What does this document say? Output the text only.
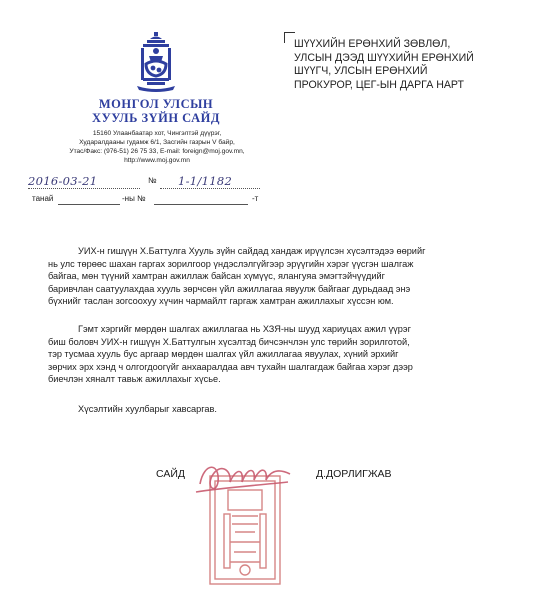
МОНГОЛ УЛСЫН
ХУУЛЬ ЗҮЙН САЙД
15160 Улаанбаатар хот, Чингэлтэй дүүрэг,
Хударалдааны гудамж 6/1, Засгийн газрын V байр,
Утас/Факс: (976-51) 26 75 33, E-mail: foreign@moj.gov.mn,
http://www.moj.gov.mn
2016-03-21	№ 1-1/1182
танай	-ны №	-т
ШҮҮХИЙН ЕРӨНХИЙ ЗӨВЛӨЛ,
УЛСЫН ДЭЭД ШҮҮХИЙН ЕРӨНХИЙ
ШҮҮГЧ, УЛСЫН ЕРӨНХИЙ
ПРОКУРОР, ЦЕГ-ЫН ДАРГА НАРТ
УИХ-н гишүүн Х.Баттулга Хууль зүйн сайдад хандаж ирүүлсэн хүсэлтэдээ өөрийг
нь улс төрөөс шахан гаргах зорилгоор үндэслэлгүйгээр эрүүгийн хэрэг үүсгэн шалгаж
байгаа, мөн түүний хамтран ажиллаж байсан хүмүүс, ялангуяа эмэгтэйчүүдийг
баривчлан саатуулахдаа хууль зөрчсөн үйл ажиллагаа явуулж байгааг дурьдаад энэ
бүхнийг таслан зогсоохуу хүчин чармайлт гаргаж хамтран ажиллахыг хүссэн юм.
Гэмт хэргийг мөрдөн шалгах ажиллагаа нь ХЗЯ-ны шууд хариуцах ажил үүрэг
биш боловч УИХ-н гишүүн Х.Баттулгын хүсэлтэд бичсэнчлэн улс төрийн зорилготой,
тэр тусмаа хууль бус аргаар мөрдөн шалгах үйл ажиллагаа явуулах, хүний эрхийг
зөрчих эрх хэнд ч олгогдоогүйг анхааралдаа авч тухайн шалгагдаж байгаа хэрэг дээр
биечлэн хяналт тавьж ажиллахыг хүсье.
Хүсэлтийн хуулбарыг хавсаргав.
САЙД	Д.ДОРЛИГЖАВ
